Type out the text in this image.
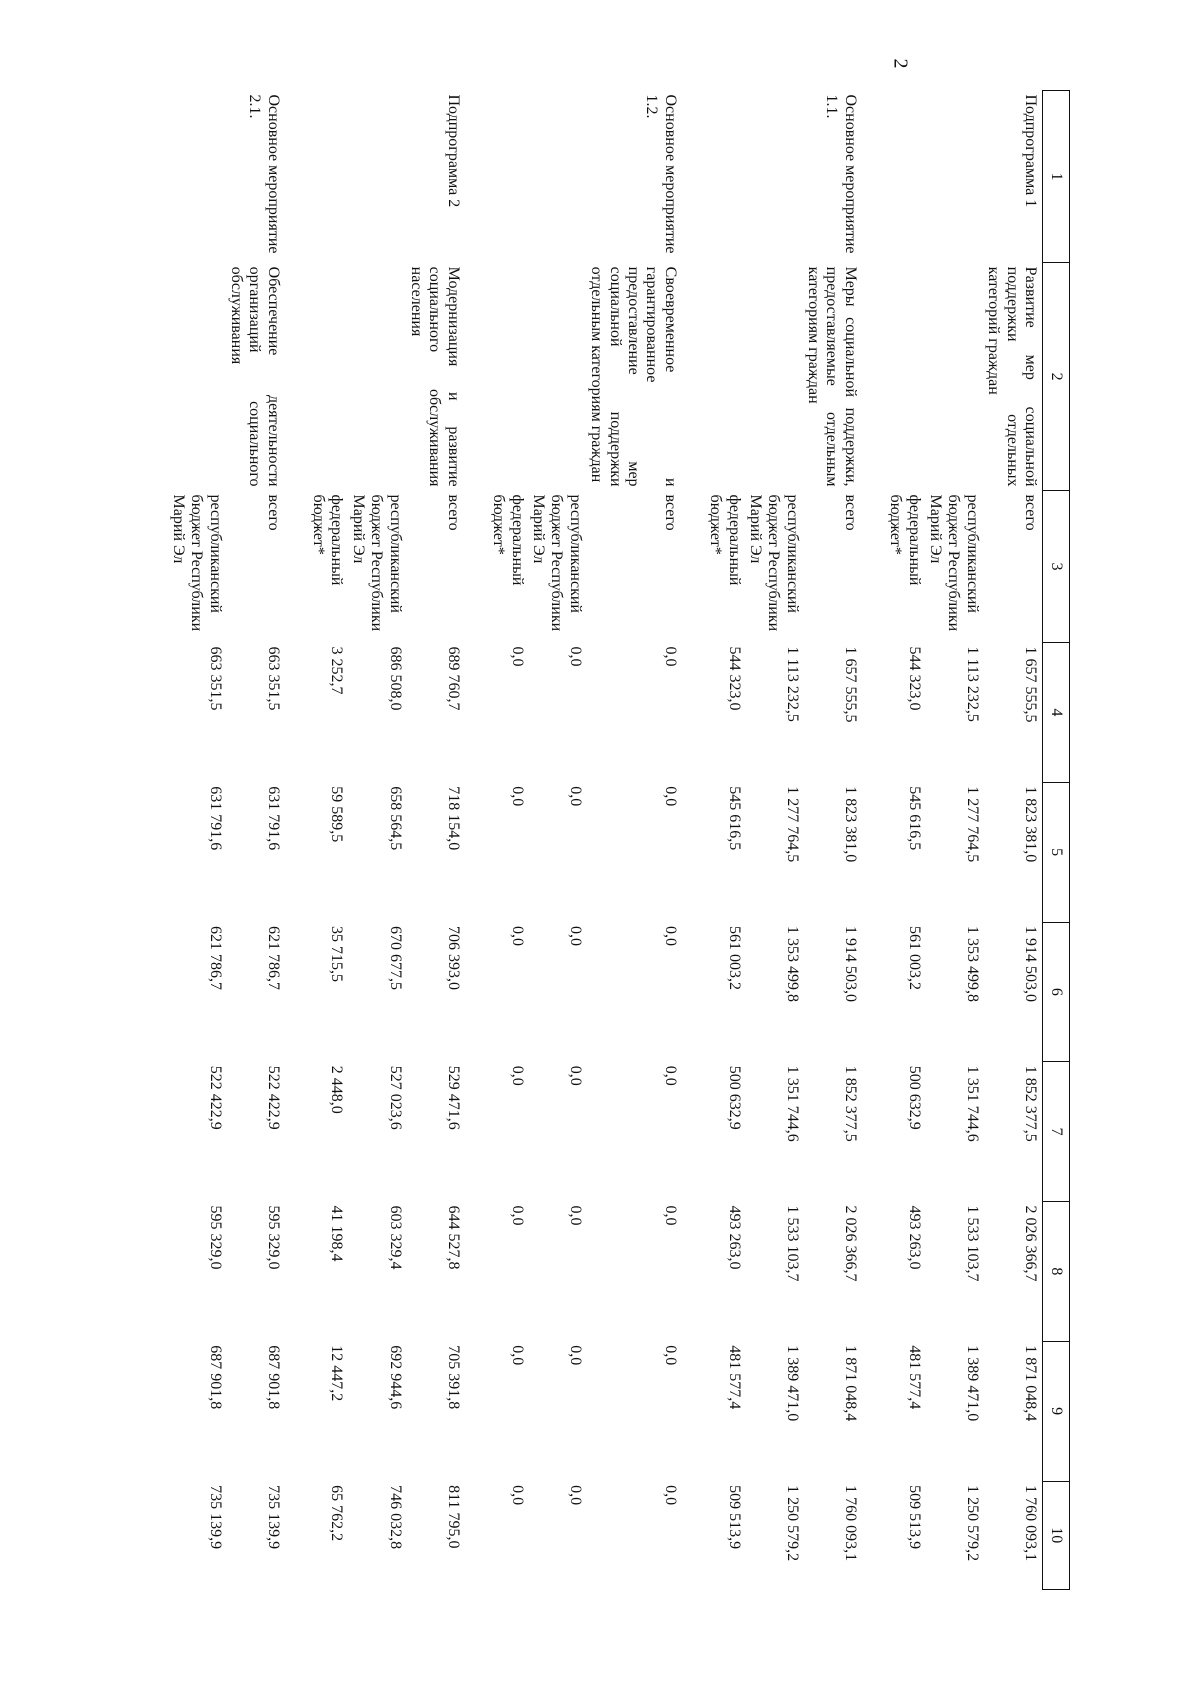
2
1	2	3	4	5	6	7	8	9	10
Подпрограмма 1	Развитие мер социальной поддержки отдельных категорий граждан	всего	1 657 555,5	1 823 381,0	1 914 503,0	1 852 377,5	2 026 366,7	1 871 048,4	1 760 093,1
		республиканский бюджет Республики Марий Эл	1 113 232,5	1 277 764,5	1 353 499,8	1 351 744,6	1 533 103,7	1 389 471,0	1 250 579,2
		федеральный бюджет*	544 323,0	545 616,5	561 003,2	500 632,9	493 263,0	481 577,4	509 513,9

Основное мероприятие 1.1.	Меры социальной поддержки, предоставляемые отдельным категориям граждан	всего	1 657 555,5	1 823 381,0	1 914 503,0	1 852 377,5	2 026 366,7	1 871 048,4	1 760 093,1
		республиканский бюджет Республики Марий Эл	1 113 232,5	1 277 764,5	1 353 499,8	1 351 744,6	1 533 103,7	1 389 471,0	1 250 579,2
		федеральный бюджет*	544 323,0	545 616,5	561 003,2	500 632,9	493 263,0	481 577,4	509 513,9

Основное мероприятие 1.2.	Своевременное и гарантированное предоставление мер социальной поддержки отдельным категориям граждан	всего	0,0	0,0	0,0	0,0	0,0	0,0	0,0
		республиканский бюджет Республики Марий Эл	0,0	0,0	0,0	0,0	0,0	0,0	0,0
		федеральный бюджет*	0,0	0,0	0,0	0,0	0,0	0,0	0,0

Подпрограмма 2	Модернизация и развитие социального обслуживания населения	всего	689 760,7	718 154,0	706 393,0	529 471,6	644 527,8	705 391,8	811 795,0
		республиканский бюджет Республики Марий Эл	686 508,0	658 564,5	670 677,5	527 023,6	603 329,4	692 944,6	746 032,8
		федеральный бюджет*	3 252,7	59 589,5	35 715,5	2 448,0	41 198,4	12 447,2	65 762,2

Основное мероприятие 2.1.	Обеспечение деятельности организаций социального обслуживания	всего	663 351,5	631 791,6	621 786,7	522 422,9	595 329,0	687 901,8	735 139,9
		республиканский бюджет Республики Марий Эл	663 351,5	631 791,6	621 786,7	522 422,9	595 329,0	687 901,8	735 139,9
